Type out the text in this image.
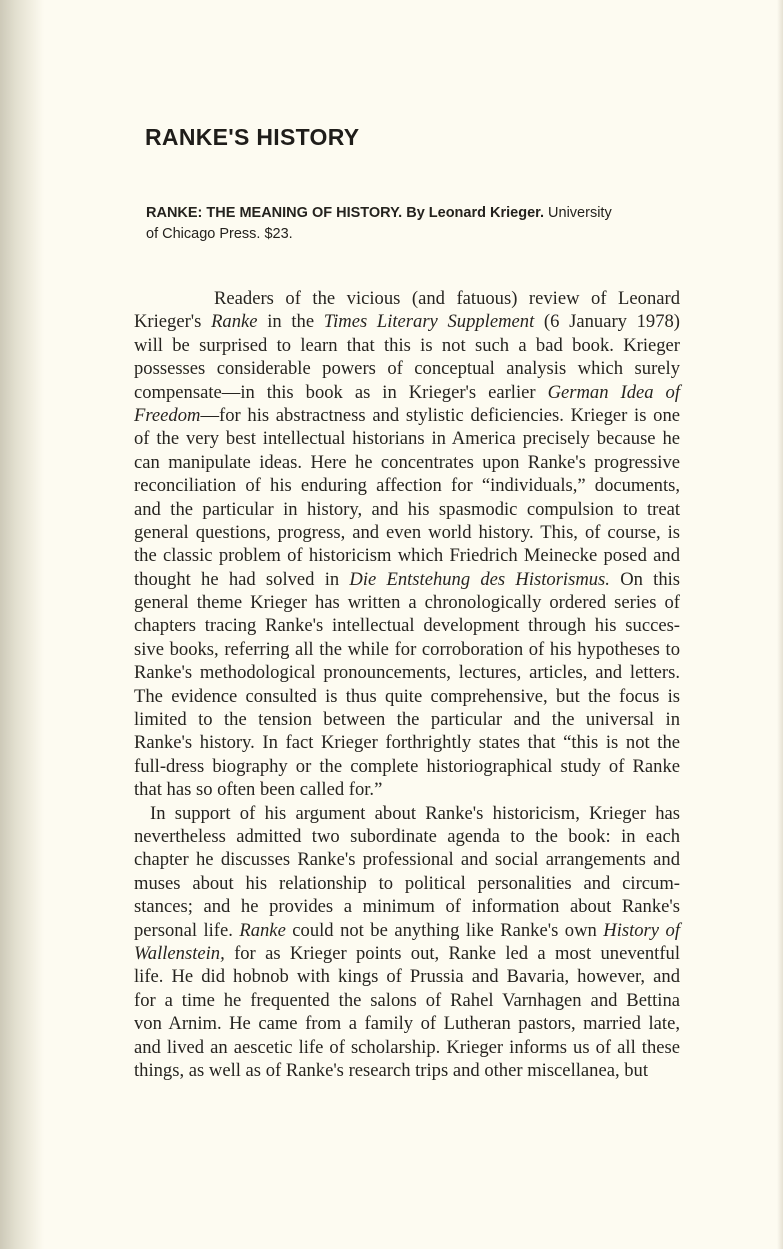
RANKE'S HISTORY
RANKE: THE MEANING OF HISTORY. By Leonard Krieger. University
of Chicago Press. $23.
Readers of the vicious (and fatuous) review of Leonard
Krieger's Ranke in the Times Literary Supplement (6 January 1978)
will be surprised to learn that this is not such a bad book. Krieger
possesses considerable powers of conceptual analysis which surely
compensate—in this book as in Krieger's earlier German Idea of
Freedom—for his abstractness and stylistic deficiencies. Krieger is one
of the very best intellectual historians in America precisely because he
can manipulate ideas. Here he concentrates upon Ranke's progressive
reconciliation of his enduring affection for “individuals,” documents,
and the particular in history, and his spasmodic compulsion to treat
general questions, progress, and even world history. This, of course, is
the classic problem of historicism which Friedrich Meinecke posed and
thought he had solved in Die Entstehung des Historismus. On this
general theme Krieger has written a chronologically ordered series of
chapters tracing Ranke's intellectual development through his succes-
sive books, referring all the while for corroboration of his hypotheses to
Ranke's methodological pronouncements, lectures, articles, and letters.
The evidence consulted is thus quite comprehensive, but the focus is
limited to the tension between the particular and the universal in
Ranke's history. In fact Krieger forthrightly states that “this is not the
full-dress biography or the complete historiographical study of Ranke
that has so often been called for.”
In support of his argument about Ranke's historicism, Krieger has
nevertheless admitted two subordinate agenda to the book: in each
chapter he discusses Ranke's professional and social arrangements and
muses about his relationship to political personalities and circum-
stances; and he provides a minimum of information about Ranke's
personal life. Ranke could not be anything like Ranke's own History of
Wallenstein, for as Krieger points out, Ranke led a most uneventful
life. He did hobnob with kings of Prussia and Bavaria, however, and
for a time he frequented the salons of Rahel Varnhagen and Bettina
von Arnim. He came from a family of Lutheran pastors, married late,
and lived an aescetic life of scholarship. Krieger informs us of all these
things, as well as of Ranke's research trips and other miscellanea, but
